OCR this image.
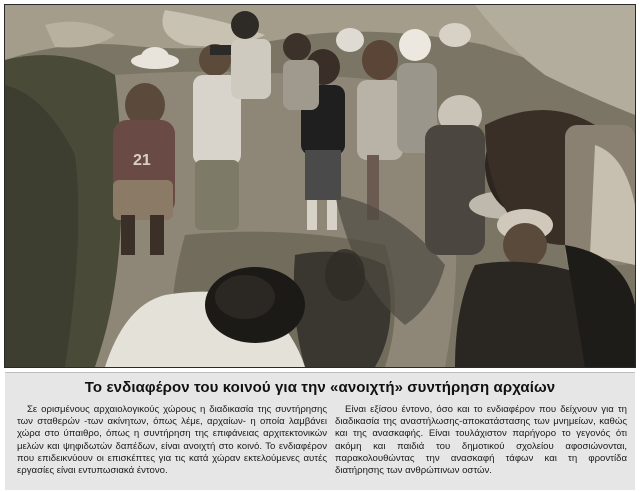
21
Το ενδιαφέρον του κοινού για την «ανοιχτή» συντήρηση αρχαίων

Σε ορισμένους αρχαιολογικούς χώρους η διαδικασία της συντήρησης των σταθερών -των ακίνητων, όπως λέμε, αρχαίων- η οποία λαμβάνει χώρα στο ύπαιθρο, όπως η συντήρηση της επιφάνειας αρχιτεκτονικών μελών και ψηφιδωτών δαπέδων, είναι ανοιχτή στο κοινό. Το ενδιαφέρον που επιδεικνύουν οι επισκέπτες για τις κατά χώραν εκτελούμενες αυτές εργασίες είναι εντυπωσιακά έντονο.

Είναι εξίσου έντονο, όσο και το ενδιαφέρον που δείχνουν για τη διαδικασία της αναστήλωσης-αποκατάστασης των μνημείων, καθώς και της ανασκαφής. Είναι τουλάχιστον παρήγορο το γεγονός ότι ακόμη και παιδιά του δημοτικού σχολείου αφοσιώνονται, παρακολουθώντας την ανασκαφή τάφων και τη φροντίδα διατήρησης των ανθρώπινων οστών.
